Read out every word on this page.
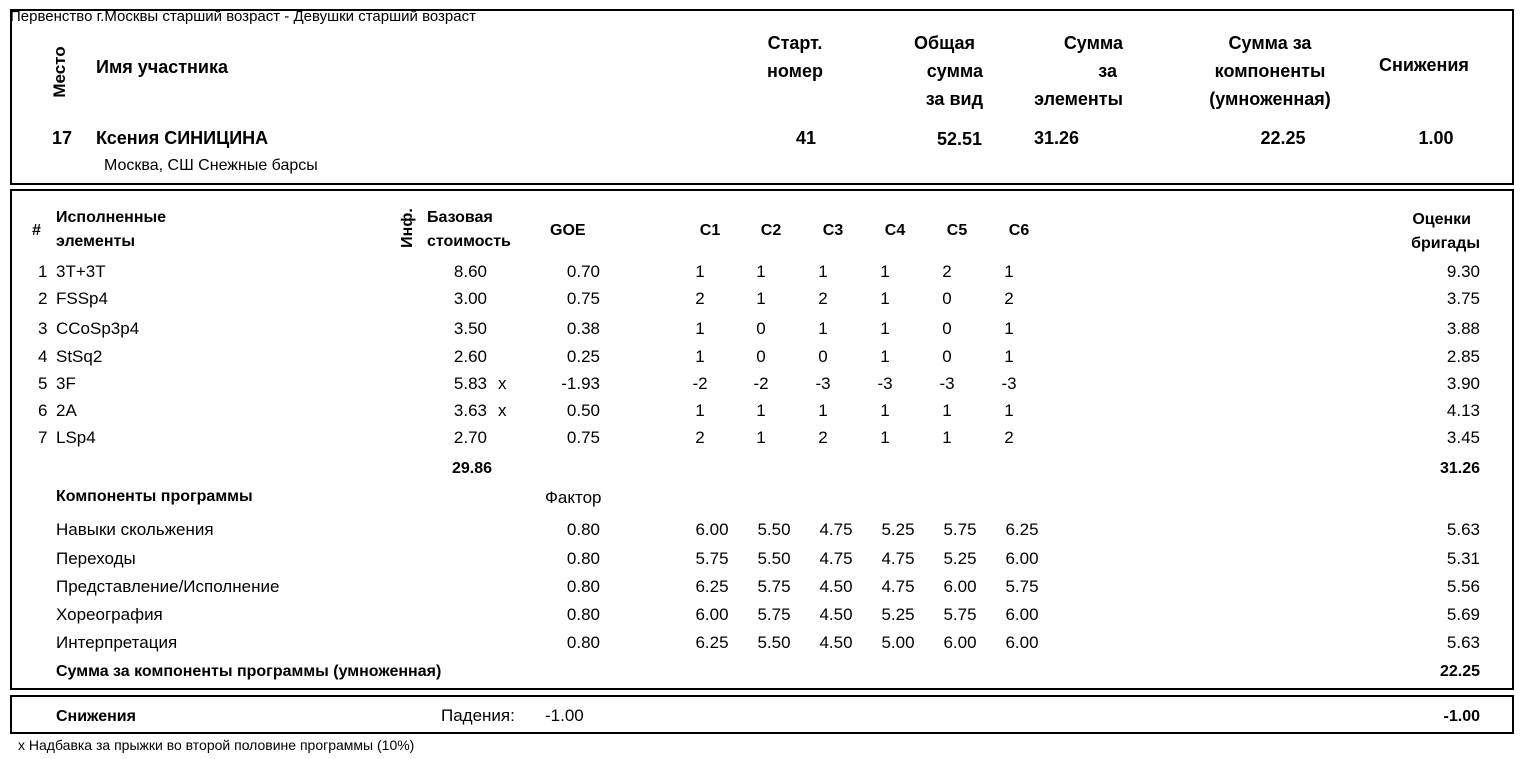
Первенство г.Москвы старший возраст - Девушки старший возраст
Место Имя участника
Старт.
номер
Общая
сумма
за вид
Сумма
за
элементы
Сумма за
компоненты
(умноженная)
Снижения
17 Ксения СИНИЦИНА
Москва, СШ Снежные барсы
41	52.51	31.26	22.25	1.00
#
Исполненные
элементы	Инф. Базовая
стоимость
GOE	C1	C2	C3	C4	C5	C6
Оценки
бригады
1 3T+3T	8.60	0.70	1	1	1	1	2	1	9.30
2 FSSp4	3.00	0.75	2	1	2	1	0	2	3.75
3 CCoSp3p4	3.50	0.38	1	0	1	1	0	1	3.88
4 StSq2	2.60	0.25	1	0	0	1	0	1	2.85
5 3F	5.83 x	-1.93	-2	-2	-3	-3	-3	-3	3.90
6 2A	3.63 x	0.50	1	1	1	1	1	1	4.13
7 LSp4	2.70	0.75	2	1	2	1	1	2	3.45
29.86	31.26
Компоненты программы	Фактор
Навыки скольжения	0.80	6.00	5.50	4.75	5.25	5.75	6.25	5.63
Переходы	0.80	5.75	5.50	4.75	4.75	5.25	6.00	5.31
Представление/Исполнение	0.80	6.25	5.75	4.50	4.75	6.00	5.75	5.56
Хореография	0.80	6.00	5.75	4.50	5.25	5.75	6.00	5.69
Интерпретация	0.80	6.25	5.50	4.50	5.00	6.00	6.00	5.63
Сумма за компоненты программы (умноженная)	22.25
Снижения	Падения: -1.00	-1.00
x Надбавка за прыжки во второй половине программы (10%)
